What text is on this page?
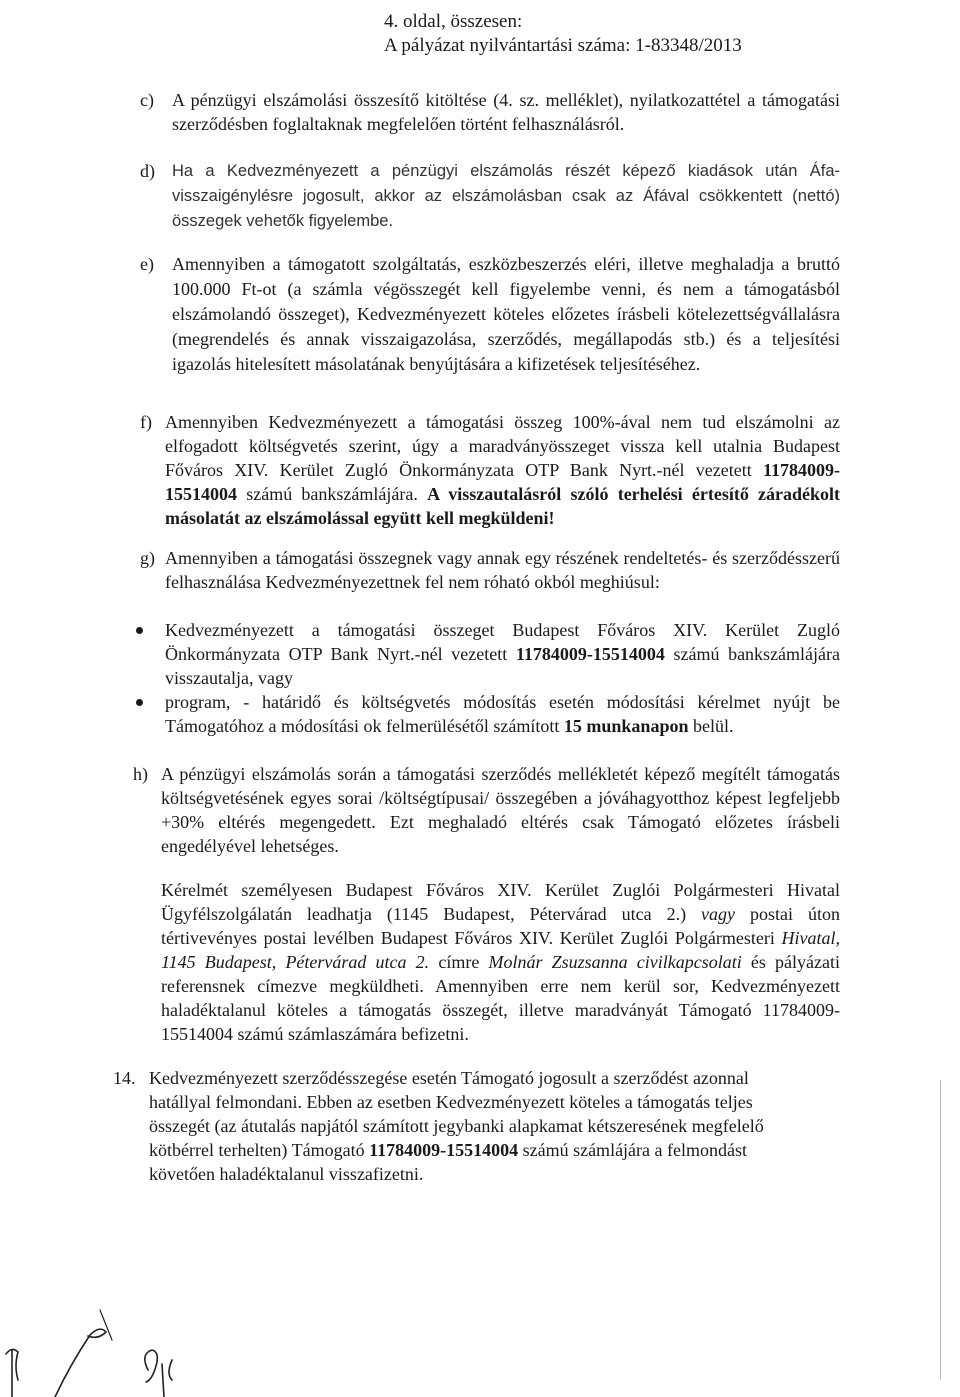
4. oldal, összesen:
A pályázat nyilvántartási száma: 1-83348/2013
c) A pénzügyi elszámolási összesítő kitöltése (4. sz. melléklet), nyilatkozattétel a támogatási szerződésben foglaltaknak megfelelően történt felhasználásról.
d) Ha a Kedvezményezett a pénzügyi elszámolás részét képező kiadások után Áfa-visszaigénylésre jogosult, akkor az elszámolásban csak az Áfával csökkentett (nettó) összegek vehetők figyelembe.
e) Amennyiben a támogatott szolgáltatás, eszközbeszerzés eléri, illetve meghaladja a bruttó 100.000 Ft-ot (a számla végösszegét kell figyelembe venni, és nem a támogatásból elszámolandó összeget), Kedvezményezett köteles előzetes írásbeli kötelezettségvállalásra (megrendelés és annak visszaigazolása, szerződés, megállapodás stb.) és a teljesítési igazolás hitelesített másolatának benyújtására a kifizetések teljesítéséhez.
f) Amennyiben Kedvezményezett a támogatási összeg 100%-ával nem tud elszámolni az elfogadott költségvetés szerint, úgy a maradványösszeget vissza kell utalnia Budapest Főváros XIV. Kerület Zugló Önkormányzata OTP Bank Nyrt.-nél vezetett 11784009-15514004 számú bankszámlájára. A visszautalásról szóló terhelési értesítő záradékolt másolatát az elszámolással együtt kell megküldeni!
g) Amennyiben a támogatási összegnek vagy annak egy részének rendeltetés- és szerződésszerű felhasználása Kedvezményezettnek fel nem róható okból meghiúsul:
Kedvezményezett a támogatási összeget Budapest Főváros XIV. Kerület Zugló Önkormányzata OTP Bank Nyrt.-nél vezetett 11784009-15514004 számú bankszámlájára visszautalja, vagy
program, - határidő és költségvetés módosítás esetén módosítási kérelmet nyújt be Támogatóhoz a módosítási ok felmerülésétől számított 15 munkanapon belül.
h) A pénzügyi elszámolás során a támogatási szerződés mellékletét képező megítélt támogatás költségvetésének egyes sorai /költségtípusai/ összegében a jóváhagyotthoz képest legfeljebb +30% eltérés megengedett. Ezt meghaladó eltérés csak Támogató előzetes írásbeli engedélyével lehetséges.
Kérelmét személyesen Budapest Főváros XIV. Kerület Zuglói Polgármesteri Hivatal Ügyfélszolgálatán leadhatja (1145 Budapest, Pétervárad utca 2.) vagy postai úton tértivevényes postai levélben Budapest Főváros XIV. Kerület Zuglói Polgármesteri Hivatal, 1145 Budapest, Pétervárad utca 2. címre Molnár Zsuzsanna civilkapcsolati és pályázati referensnek címezve megküldheti. Amennyiben erre nem kerül sor, Kedvezményezett haladéktalanul köteles a támogatás összegét, illetve maradványát Támogató 11784009-15514004 számú számlaszámára befizetni.
14. Kedvezményezett szerződésszegése esetén Támogató jogosult a szerződést azonnal hatállyal felmondani. Ebben az esetben Kedvezményezett köteles a támogatás teljes összegét (az átutalás napjától számított jegybanki alapkamat kétszeresének megfelelő kötbérrel terhelten) Támogató 11784009-15514004 számú számlájára a felmondást követően haladéktalanul visszafizetni.
